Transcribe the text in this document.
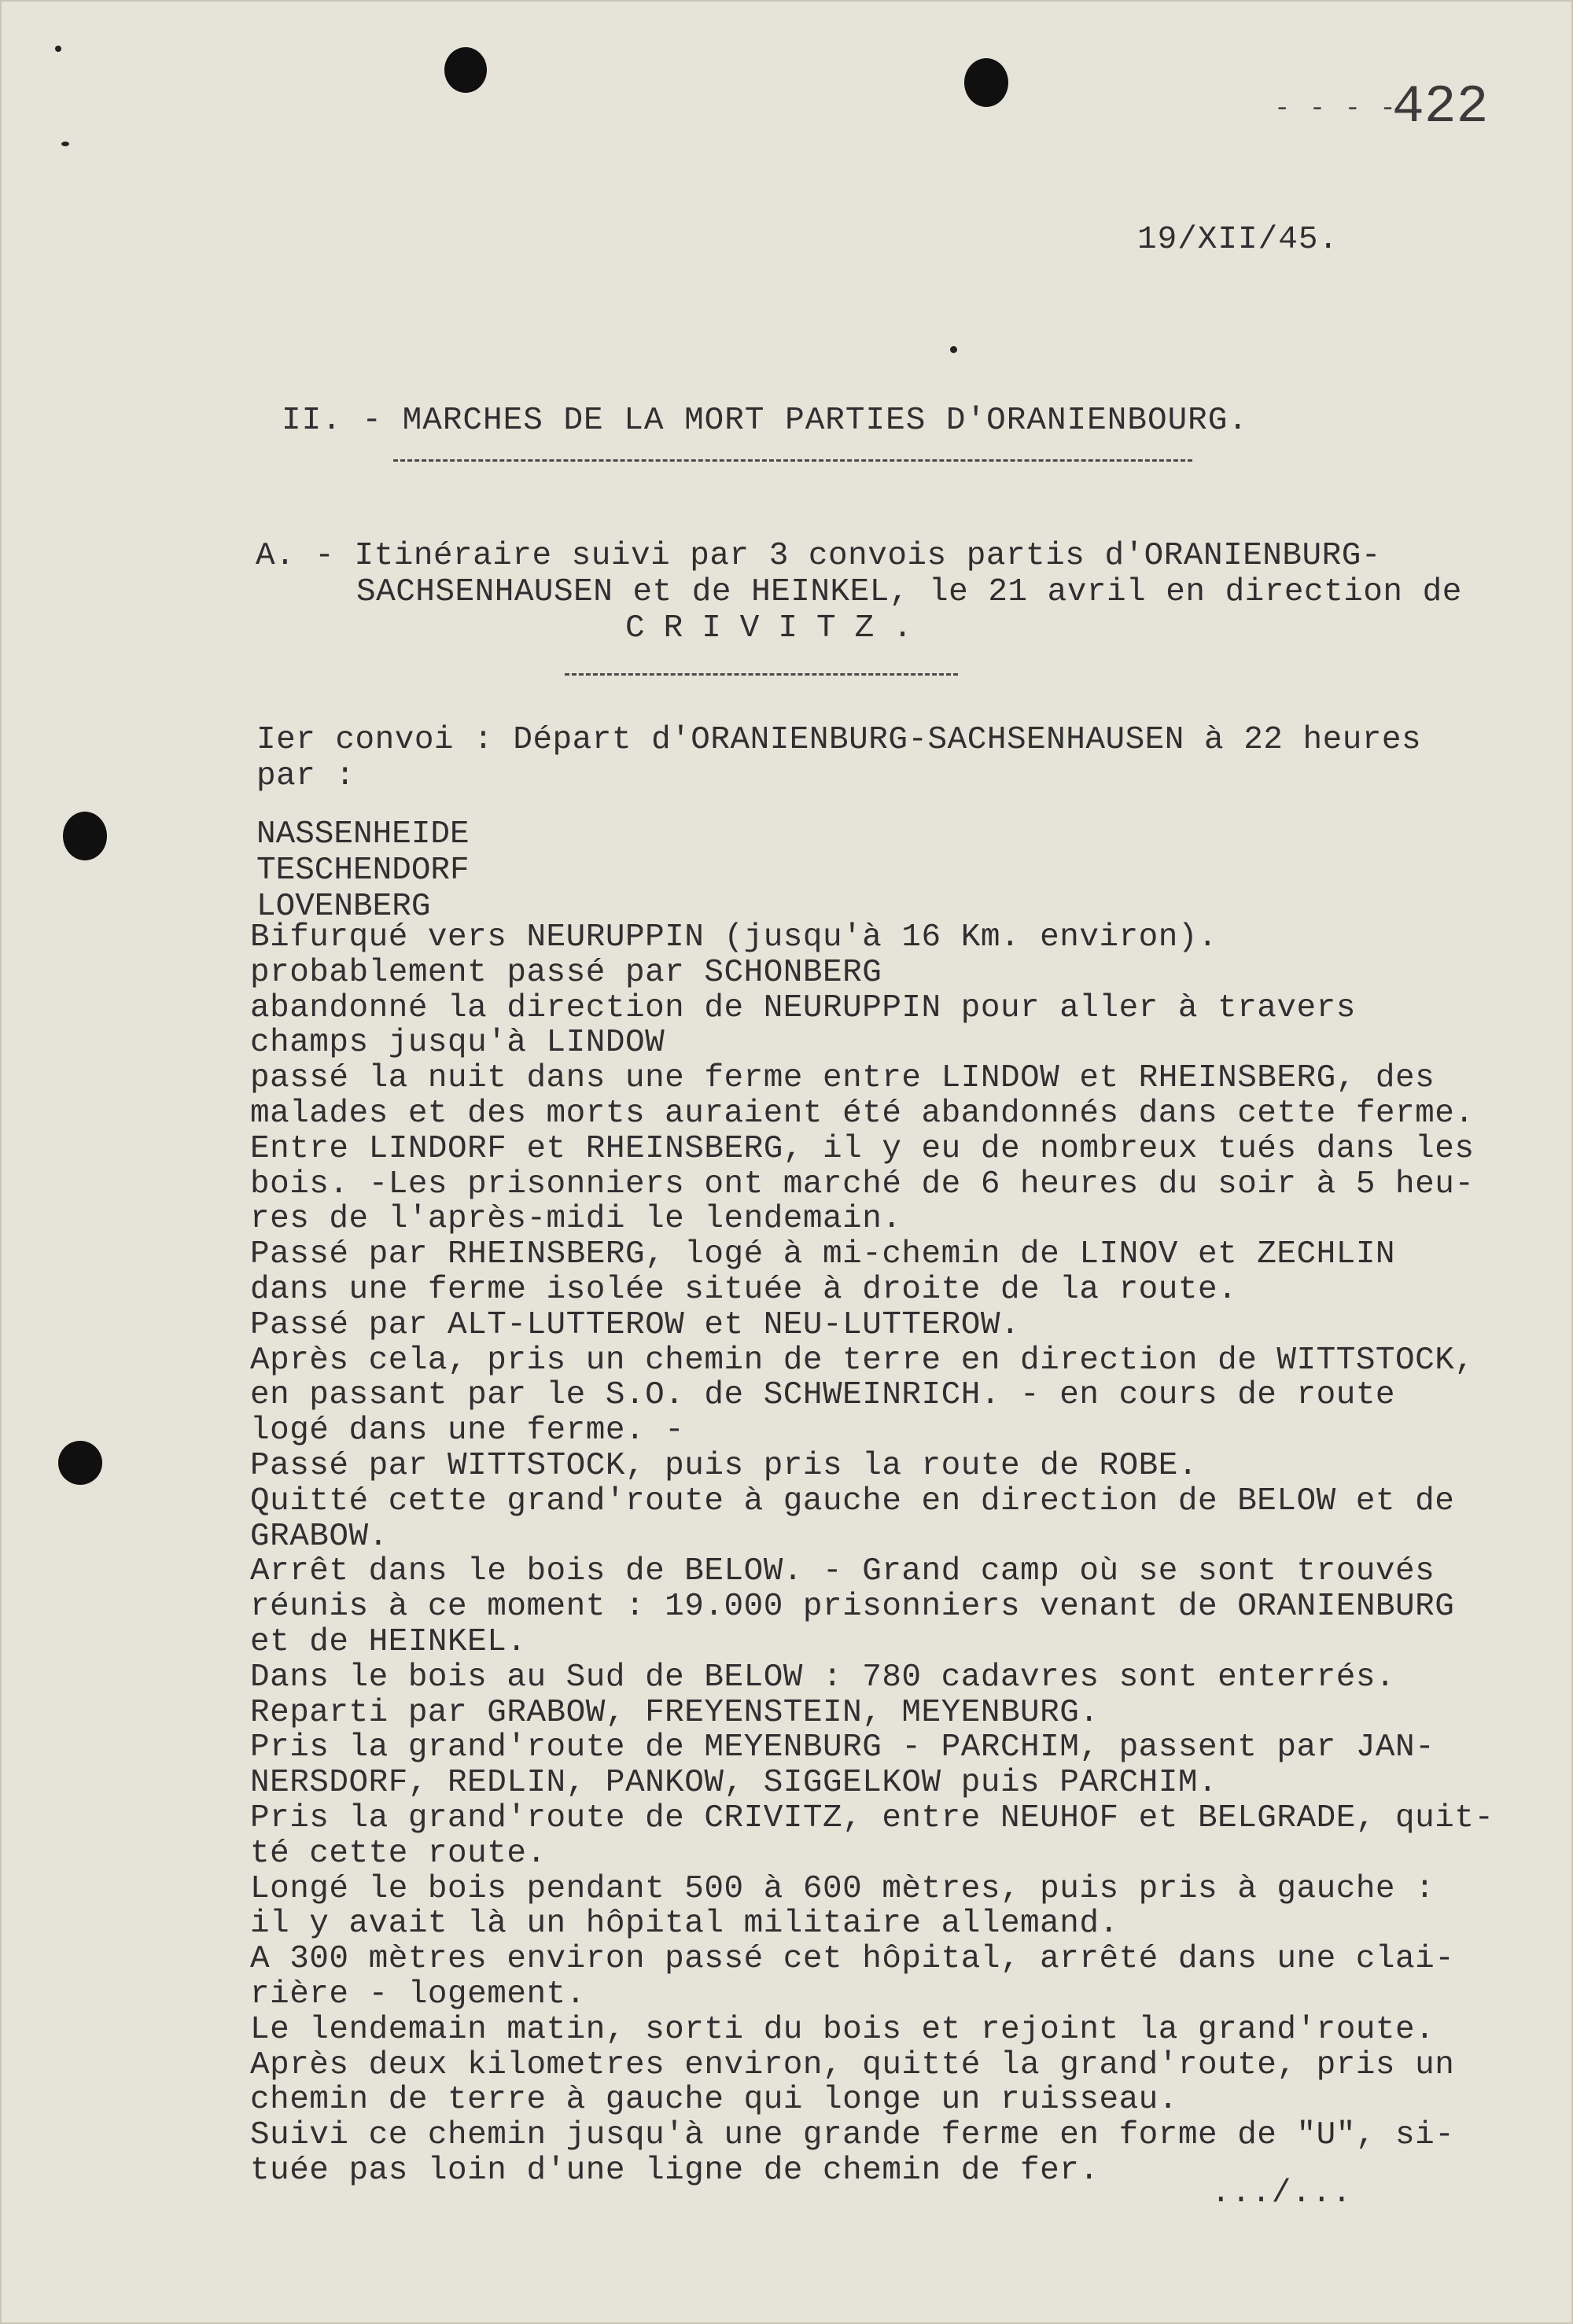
- - - -
422
19/XII/45.
II. - MARCHES DE LA MORT PARTIES D'ORANIENBOURG.
A. - Itinéraire suivi par 3 convois partis d'ORANIENBURG-
SACHSENHAUSEN et de HEINKEL, le 21 avril en direction de
CRIVITZ.
Ier convoi : Départ d'ORANIENBURG-SACHSENHAUSEN à 22 heures
par :
NASSENHEIDE
TESCHENDORF
LOVENBERG

Bifurqué vers NEURUPPIN (jusqu'à 16 Km. environ).

probablement passé par SCHONBERG

abandonné la direction de NEURUPPIN pour aller à travers

champs jusqu'à LINDOW

passé la nuit dans une ferme entre LINDOW et RHEINSBERG, des

malades et des morts auraient été abandonnés dans cette ferme.

Entre LINDORF et RHEINSBERG, il y eu de nombreux tués dans les

bois. -Les prisonniers ont marché de 6 heures du soir à 5 heu-

res de l'après-midi le lendemain.

Passé par RHEINSBERG, logé à mi-chemin de LINOV et ZECHLIN

dans une ferme isolée située à droite de la route.

Passé par ALT-LUTTEROW et NEU-LUTTEROW.

Après cela, pris un chemin de terre en direction de WITTSTOCK,

en passant par le S.O. de SCHWEINRICH. - en cours de route

logé dans une ferme. -

Passé par WITTSTOCK, puis pris la route de ROBE.

Quitté cette grand'route à gauche en direction de BELOW et de

GRABOW.

Arrêt dans le bois de BELOW. - Grand camp où se sont trouvés

réunis à ce moment : 19.000 prisonniers venant de ORANIENBURG

et de HEINKEL.

Dans le bois au Sud de BELOW : 780 cadavres sont enterrés.

Reparti par GRABOW, FREYENSTEIN, MEYENBURG.

Pris la grand'route de MEYENBURG - PARCHIM, passent par JAN-

NERSDORF, REDLIN, PANKOW, SIGGELKOW puis PARCHIM.

Pris la grand'route de CRIVITZ, entre NEUHOF et BELGRADE, quit-

té cette route.

Longé le bois pendant 500 à 600 mètres, puis pris à gauche :

il y avait là un hôpital militaire allemand.

A 300 mètres environ passé cet hôpital, arrêté dans une clai-

rière - logement.

Le lendemain matin, sorti du bois et rejoint la grand'route.

Après deux kilometres environ, quitté la grand'route, pris un

chemin de terre à gauche qui longe un ruisseau.

Suivi ce chemin jusqu'à une grande ferme en forme de "U", si-

tuée pas loin d'une ligne de chemin de fer.

.../...
